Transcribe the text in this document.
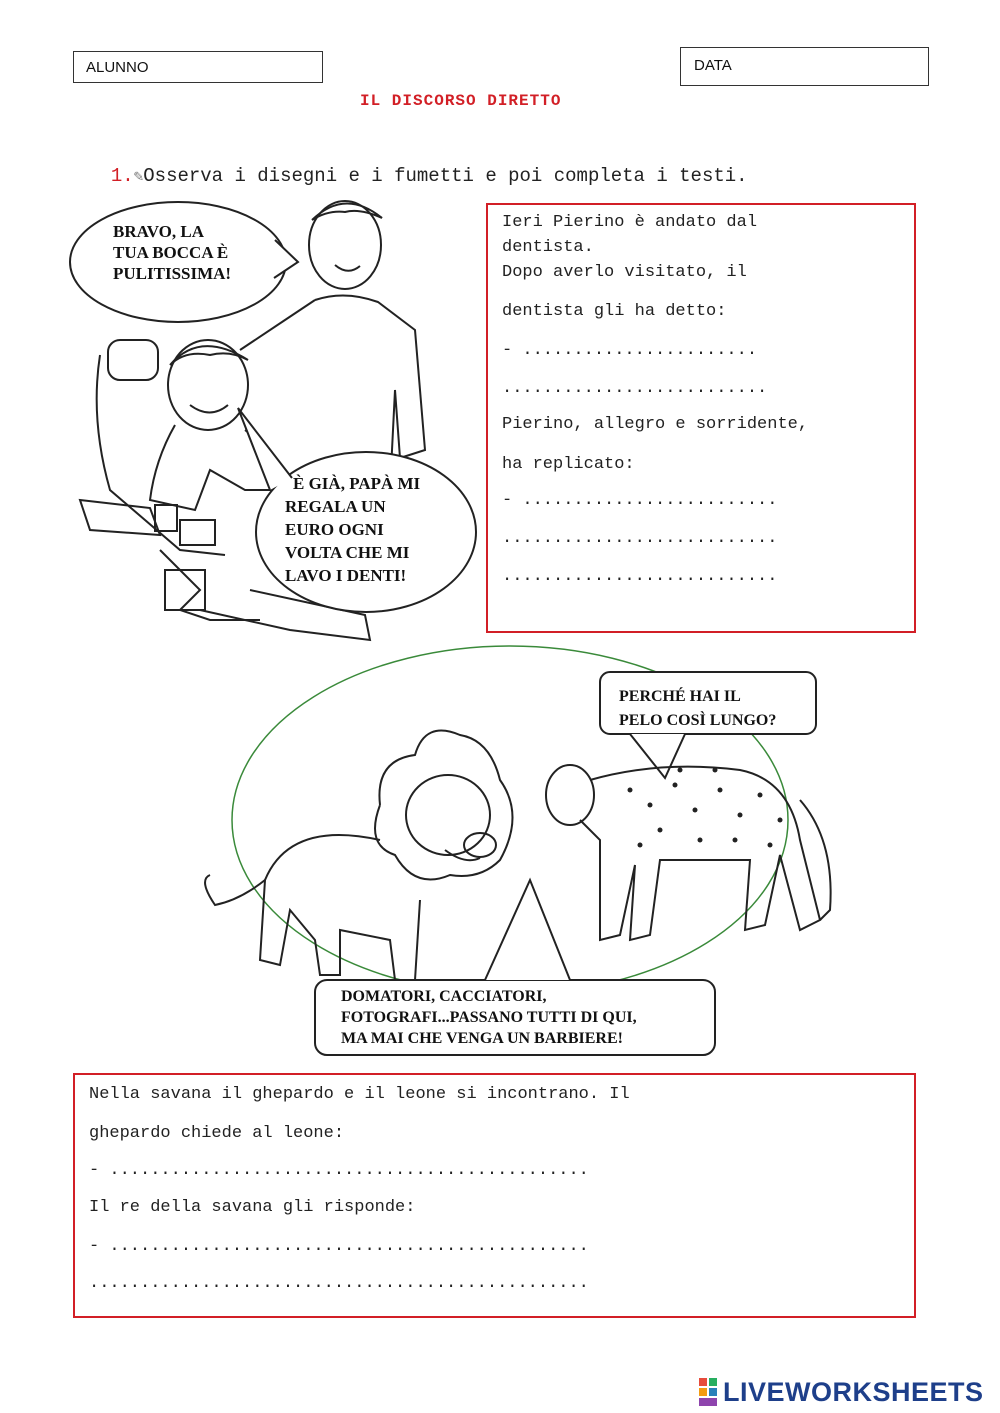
ALUNNO	DATA
IL DISCORSO DIRETTO

1.✎Osserva i disegni e i fumetti e poi completa i testi.

BRAVO, LA
TUA BOCCA È
PULITISSIMA!
È GIÀ, PAPÀ MI
REGALA UN
EURO OGNI
VOLTA CHE MI
LAVO I DENTI!
Ieri Pierino è andato dal
dentista.
Dopo averlo visitato, il
dentista gli ha detto:
- .......................
..........................
Pierino, allegro e sorridente,
ha replicato:
- .........................
...........................
...........................
PERCHÉ HAI IL
PELO COSÌ LUNGO?
DOMATORI, CACCIATORI,
FOTOGRAFI...PASSANO TUTTI DI QUI,
MA MAI CHE VENGA UN BARBIERE!
Nella savana il ghepardo e il leone si incontrano. Il
ghepardo chiede al leone:
- ...............................................
Il re della savana gli risponde:
- ...............................................
.................................................
LIVEWORKSHEETS
